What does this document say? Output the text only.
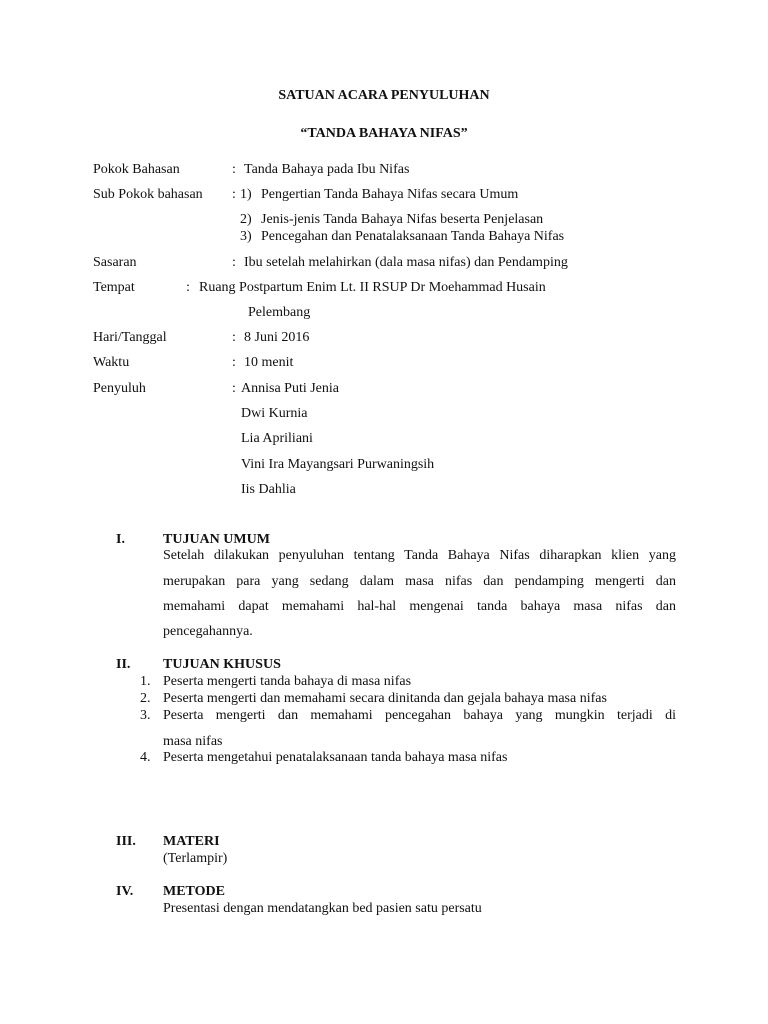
SATUAN ACARA PENYULUHAN
“TANDA BAHAYA NIFAS”
Pokok Bahasan	: Tanda Bahaya pada Ibu Nifas
Sub Pokok bahasan : 1) Pengertian Tanda Bahaya Nifas secara Umum
2) Jenis-jenis Tanda Bahaya Nifas beserta Penjelasan
3) Pencegahan dan Penatalaksanaan Tanda Bahaya Nifas
Sasaran	: Ibu setelah melahirkan (dala masa nifas) dan Pendamping
Tempat	: Ruang Postpartum Enim Lt. II RSUP Dr Moehammad Husain
Pelembang
Hari/Tanggal	: 8 Juni 2016
Waktu	: 10 menit
Penyuluh	: Annisa Puti Jenia
Dwi Kurnia
Lia Apriliani
Vini Ira Mayangsari Purwaningsih
Iis Dahlia
I.	TUJUAN UMUM
Setelah dilakukan penyuluhan tentang Tanda Bahaya Nifas diharapkan klien yang
merupakan para yang sedang dalam masa nifas dan pendamping mengerti dan
memahami dapat memahami hal-hal mengenai tanda bahaya masa nifas dan
pencegahannya.
II. TUJUAN KHUSUS
1. Peserta mengerti tanda bahaya di masa nifas
2. Peserta mengerti dan memahami secara dinitanda dan gejala bahaya masa nifas
3. Peserta mengerti dan memahami pencegahan bahaya yang mungkin terjadi di
masa nifas
4. Peserta mengetahui penatalaksanaan tanda bahaya masa nifas
III. MATERI
(Terlampir)
IV. METODE
Presentasi dengan mendatangkan bed pasien satu persatu
